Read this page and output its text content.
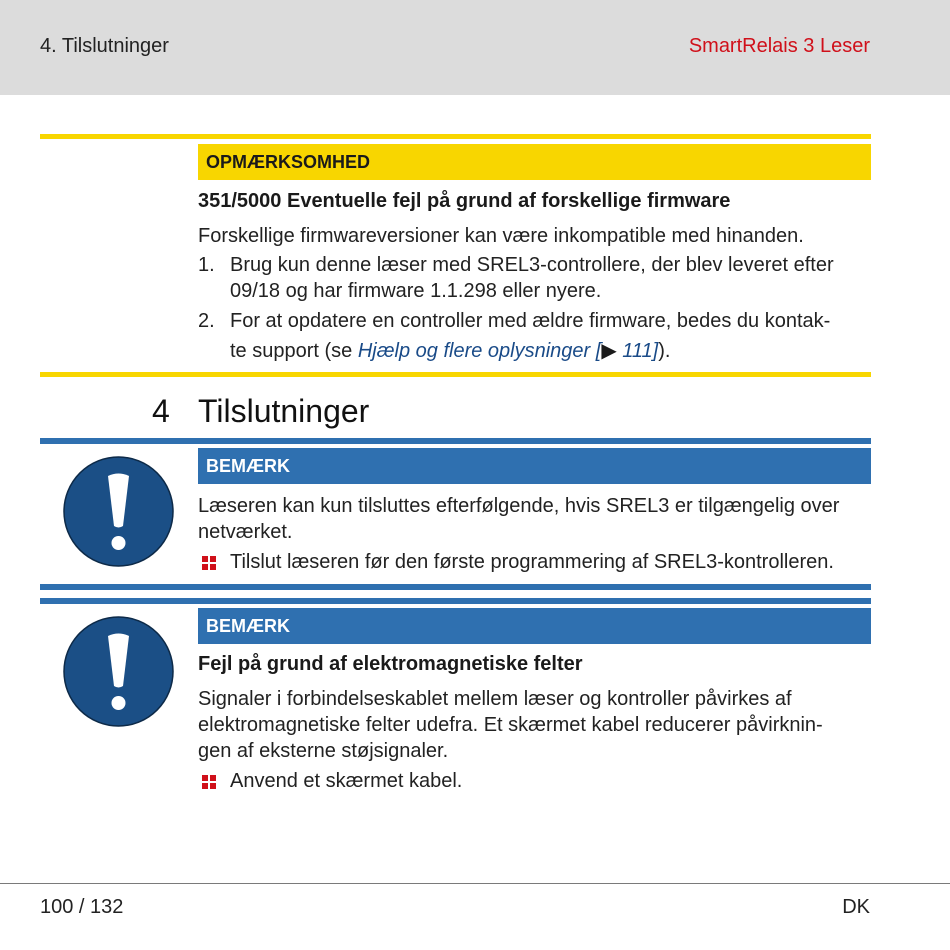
4. Tilslutninger	SmartRelais 3 Leser
OPMÆRKSOMHED
351/5000 Eventuelle fejl på grund af forskellige firmware
Forskellige firmwareversioner kan være inkompatible med hinanden.
1. Brug kun denne læser med SREL3-controllere, der blev leveret efter
09/18 og har firmware 1.1.298 eller nyere.
2. For at opdatere en controller med ældre firmware, bedes du kontak-
te support (se Hjælp og flere oplysninger [▶ 111]).
4 Tilslutninger
BEMÆRK
Læseren kan kun tilsluttes efterfølgende, hvis SREL3 er tilgængelig over
netværket.
Tilslut læseren før den første programmering af SREL3-kontrolleren.
BEMÆRK
Fejl på grund af elektromagnetiske felter
Signaler i forbindelseskablet mellem læser og kontroller påvirkes af
elektromagnetiske felter udefra. Et skærmet kabel reducerer påvirknin-
gen af eksterne støjsignaler.
Anvend et skærmet kabel.
100 / 132	DK
